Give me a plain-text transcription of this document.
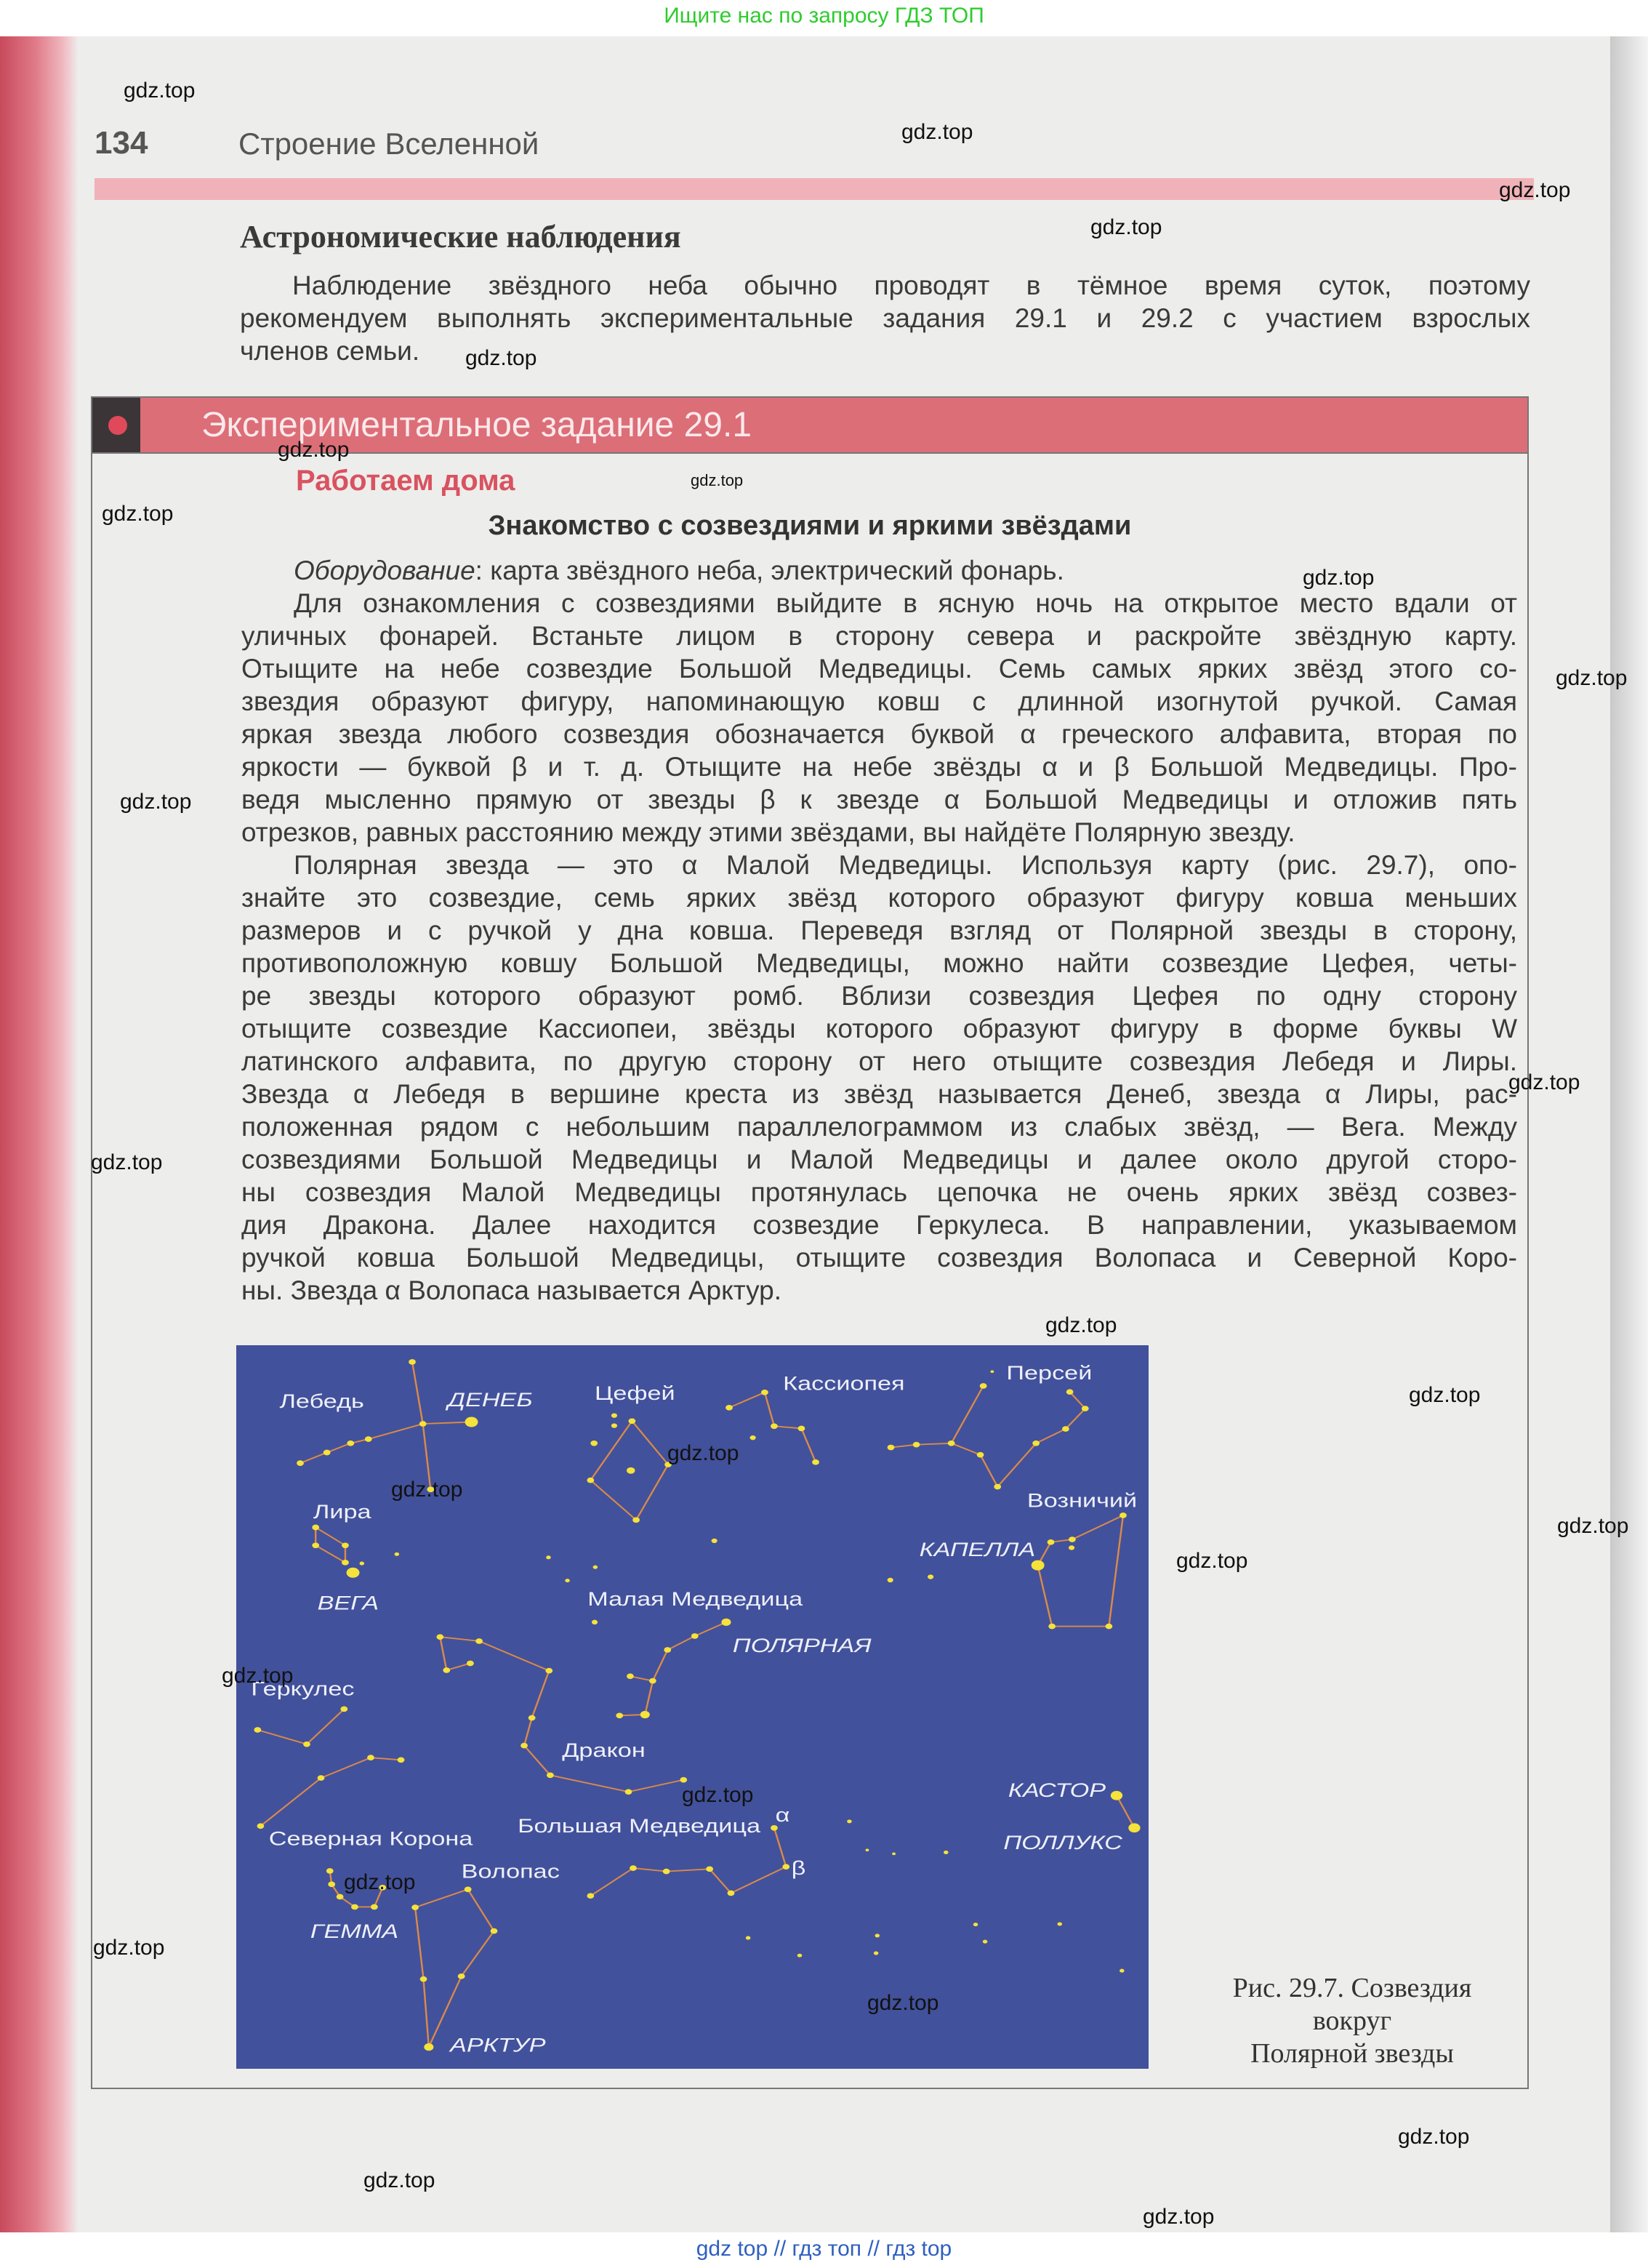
Ищите нас по запросу ГДЗ ТОП
134	Строение Вселенной
Астрономические наблюдения
Наблюдение звёздного неба обычно проводят в тёмное время суток, поэтому
рекомендуем выполнять экспериментальные задания 29.1 и 29.2 с участием взрослых
членов семьи.
Экспериментальное задание 29.1
Работаем дома
Знакомство с созвездиями и яркими звёздами
Оборудование: карта звёздного неба, электрический фонарь.
Для ознакомления с созвездиями выйдите в ясную ночь на открытое место вдали от
уличных фонарей. Встаньте лицом в сторону севера и раскройте звёздную карту.
Отыщите на небе созвездие Большой Медведицы. Семь самых ярких звёзд этого со-
звездия образуют фигуру, напоминающую ковш с длинной изогнутой ручкой. Самая
яркая звезда любого созвездия обозначается буквой α греческого алфавита, вторая по
яркости — буквой β и т. д. Отыщите на небе звёзды α и β Большой Медведицы. Про-
ведя мысленно прямую от звезды β к звезде α Большой Медведицы и отложив пять
отрезков, равных расстоянию между этими звёздами, вы найдёте Полярную звезду.
Полярная звезда — это α Малой Медведицы. Используя карту (рис. 29.7), опо-
знайте это созвездие, семь ярких звёзд которого образуют фигуру ковша меньших
размеров и с ручкой у дна ковша. Переведя взгляд от Полярной звезды в сторону,
противоположную ковшу Большой Медведицы, можно найти созвездие Цефея, четы-
ре звезды которого образуют ромб. Вблизи созвездия Цефея по одну сторону
отыщите созвездие Кассиопеи, звёзды которого образуют фигуру в форме буквы W
латинского алфавита, по другую сторону от него отыщите созвездия Лебедя и Лиры.
Звезда α Лебедя в вершине креста из звёзд называется Денеб, звезда α Лиры, рас-
положенная рядом с небольшим параллелограммом из слабых звёзд, — Вега. Между
созвездиями Большой Медведицы и Малой Медведицы и далее около другой сторо-
ны созвездия Малой Медведицы протянулась цепочка не очень ярких звёзд созвез-
дия Дракона. Далее находится созвездие Геркулеса. В направлении, указываемом
ручкой ковша Большой Медведицы, отыщите созвездия Волопаса и Северной Коро-
ны. Звезда α Волопаса называется Арктур.
Лебедь	ДЕНЕБ Цефей	Кассиопея	Персей
Лира
ВЕГА	Малая Медведица
Возничий
КАПЕЛЛА
ПОЛЯРНАЯ
Геркулес
Дракон
КАСТОР
ПОЛЛУКС
Большая Медведица
α
β
Северная Корона
Волопас
ГЕММА
АРКТУР
Рис. 29.7. Созвездия
вокруг
Полярной звезды
gdz.top
gdz.top
gdz.top
gdz.top
gdz.top
gdz.top
gdz.top
gdz.top
gdz.top
gdz.top
gdz.top
gdz.top
gdz.top
gdz.top
gdz.top
gdz.top
gdz.top
gdz.top
gdz.top
gdz.top
gdz.top
gdz.top
gdz.top
gdz.top
gdz.top
gdz.top
gdz.top
gdz top // гдз топ // гдз top
